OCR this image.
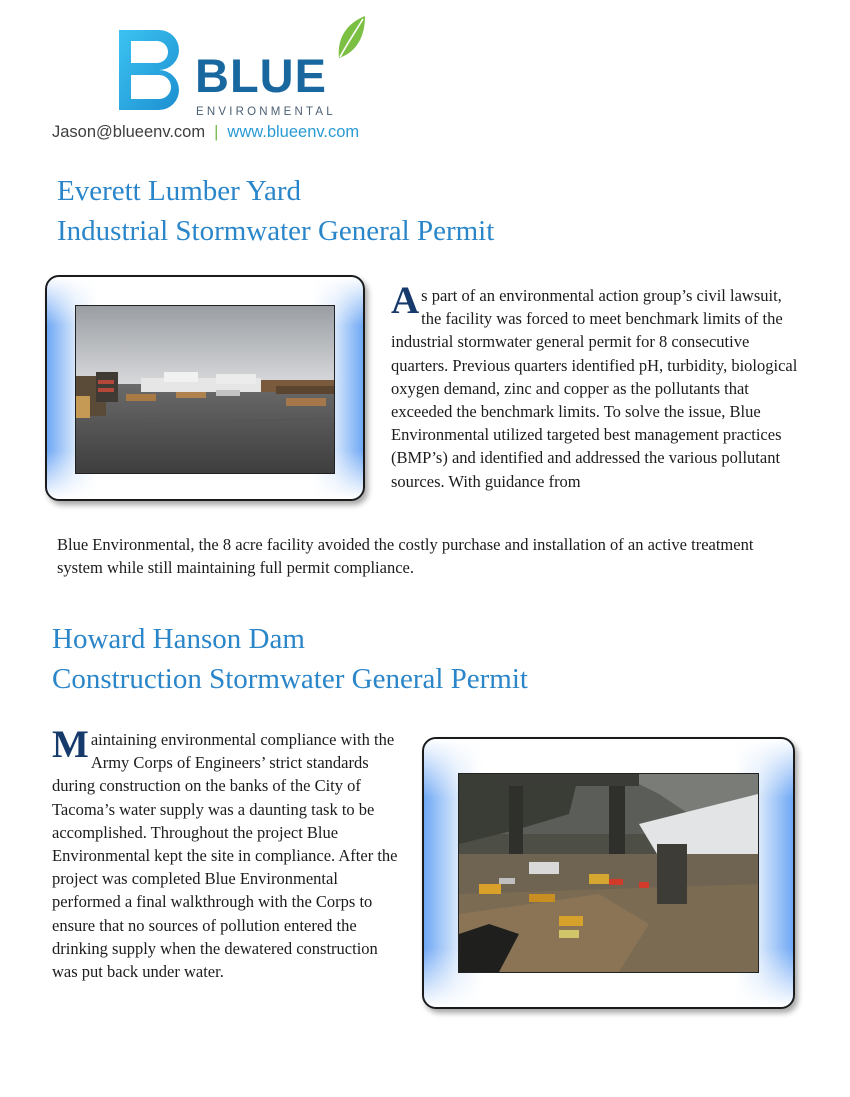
BLUE
ENVIRONMENTAL
Jason@blueenv.com | www.blueenv.com
Everett Lumber Yard
Industrial Stormwater General Permit
As part of an environmental action group’s civil lawsuit, the facility was forced to meet benchmark limits of the industrial stormwater general permit for 8 consecutive quarters. Previous quarters identified pH, turbidity, biological oxygen demand, zinc and copper as the pollutants that exceeded the benchmark limits. To solve the issue, Blue Environmental utilized targeted best management practices (BMP’s) and identified and addressed the various pollutant sources. With guidance from
Blue Environmental, the 8 acre facility avoided the costly purchase and installation of an active treatment system while still maintaining full permit compliance.
Howard Hanson Dam
Construction Stormwater General Permit
Maintaining environmental compliance with the Army Corps of Engineers’ strict standards during construction on the banks of the City of Tacoma’s water supply was a daunting task to be accomplished. Throughout the project Blue Environmental kept the site in compliance. After the project was completed Blue Environmental performed a final walkthrough with the Corps to ensure that no sources of pollution entered the drinking supply when the dewatered construction was put back under water.
